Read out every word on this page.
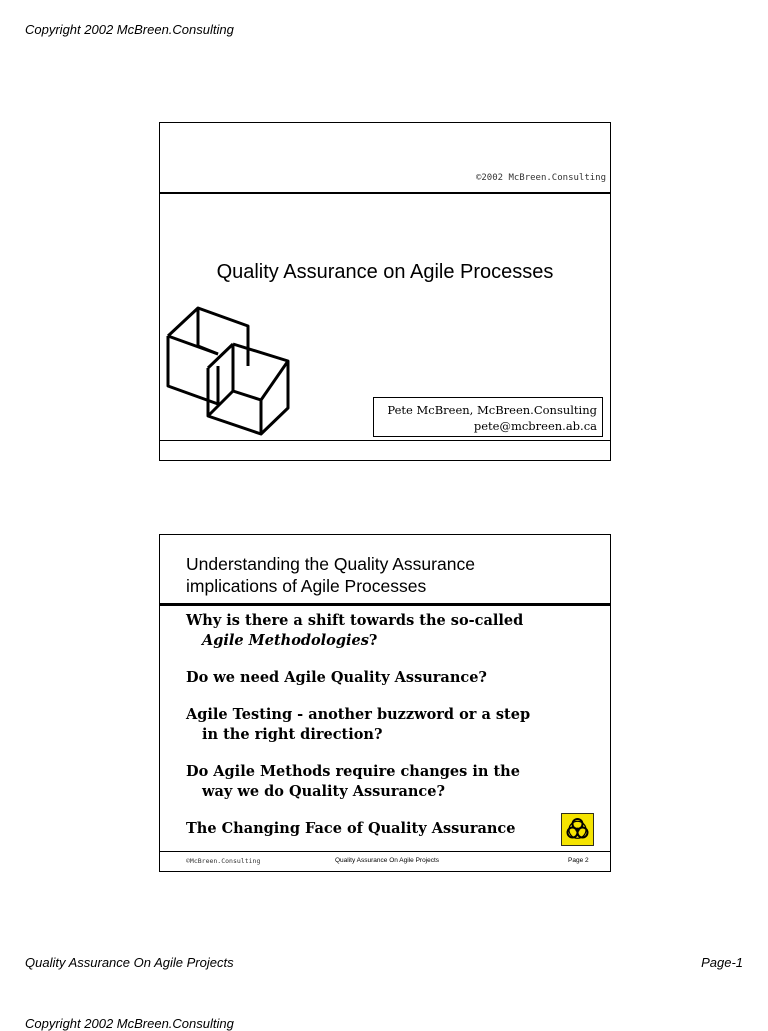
Copyright 2002 McBreen.Consulting
©2002 McBreen.Consulting
Quality Assurance on Agile Processes
Pete McBreen, McBreen.Consulting
pete@mcbreen.ab.ca
Understanding the Quality Assurance
implications of Agile Processes
Why is there a shift towards the so-called
Agile Methodologies?
Do we need Agile Quality Assurance?
Agile Testing - another buzzword or a step
in the right direction?
Do Agile Methods require changes in the
way we do Quality Assurance?
The Changing Face of Quality Assurance
©McBreen.Consulting	Quality Assurance On Agile Projects	Page 2
Quality Assurance On Agile Projects	Page-1
Copyright 2002 McBreen.Consulting
